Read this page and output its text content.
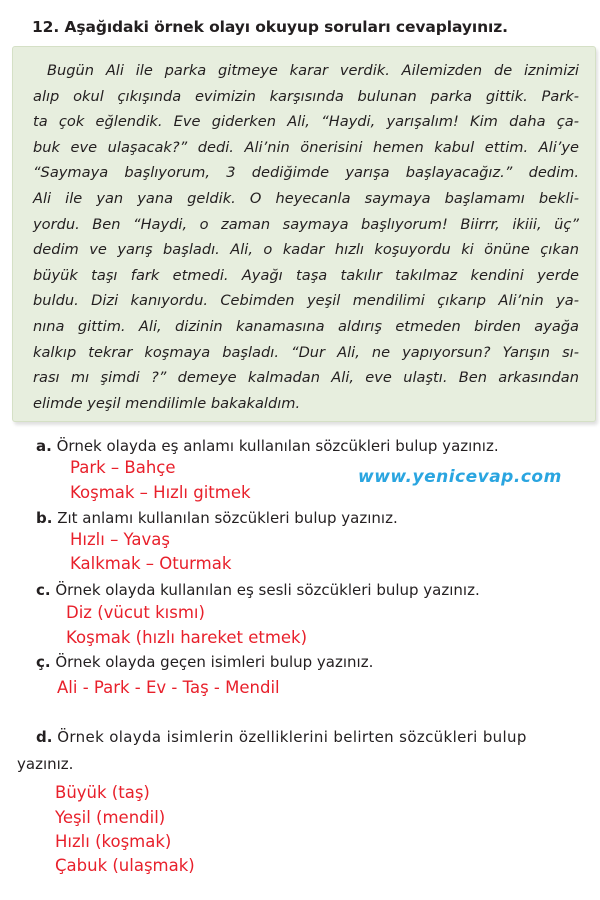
12. Aşağıdaki örnek olayı okuyup soruları cevaplayınız.
Bugün Ali ile parka gitmeye karar verdik. Ailemizden de iznimizi
alıp okul çıkışında evimizin karşısında bulunan parka gittik. Park-
ta çok eğlendik. Eve giderken Ali, “Haydi, yarışalım! Kim daha ça-
buk eve ulaşacak?” dedi. Ali’nin önerisini hemen kabul ettim. Ali’ye
“Saymaya başlıyorum, 3 dediğimde yarışa başlayacağız.” dedim.
Ali ile yan yana geldik. O heyecanla saymaya başlamamı bekli-
yordu. Ben “Haydi, o zaman saymaya başlıyorum! Biirrr, ikiii, üç”
dedim ve yarış başladı. Ali, o kadar hızlı koşuyordu ki önüne çıkan
büyük taşı fark etmedi. Ayağı taşa takılır takılmaz kendini yerde
buldu. Dizi kanıyordu. Cebimden yeşil mendilimi çıkarıp Ali’nin ya-
nına gittim. Ali, dizinin kanamasına aldırış etmeden birden ayağa
kalkıp tekrar koşmaya başladı. “Dur Ali, ne yapıyorsun? Yarışın sı-
rası mı şimdi ?” demeye kalmadan Ali, eve ulaştı. Ben arkasından
elimde yeşil mendilimle bakakaldım.
a. Örnek olayda eş anlamı kullanılan sözcükleri bulup yazınız.
Park – Bahçe
Koşmak – Hızlı gitmek
www.yenicevap.com
b. Zıt anlamı kullanılan sözcükleri bulup yazınız.
Hızlı – Yavaş
Kalkmak – Oturmak
c. Örnek olayda kullanılan eş sesli sözcükleri bulup yazınız.
Diz (vücut kısmı)
Koşmak (hızlı hareket etmek)
ç. Örnek olayda geçen isimleri bulup yazınız.
Ali - Park - Ev - Taş - Mendil
d. Örnek olayda isimlerin özelliklerini belirten sözcükleri bulup
yazınız.
Büyük (taş)
Yeşil (mendil)
Hızlı (koşmak)
Çabuk (ulaşmak)
